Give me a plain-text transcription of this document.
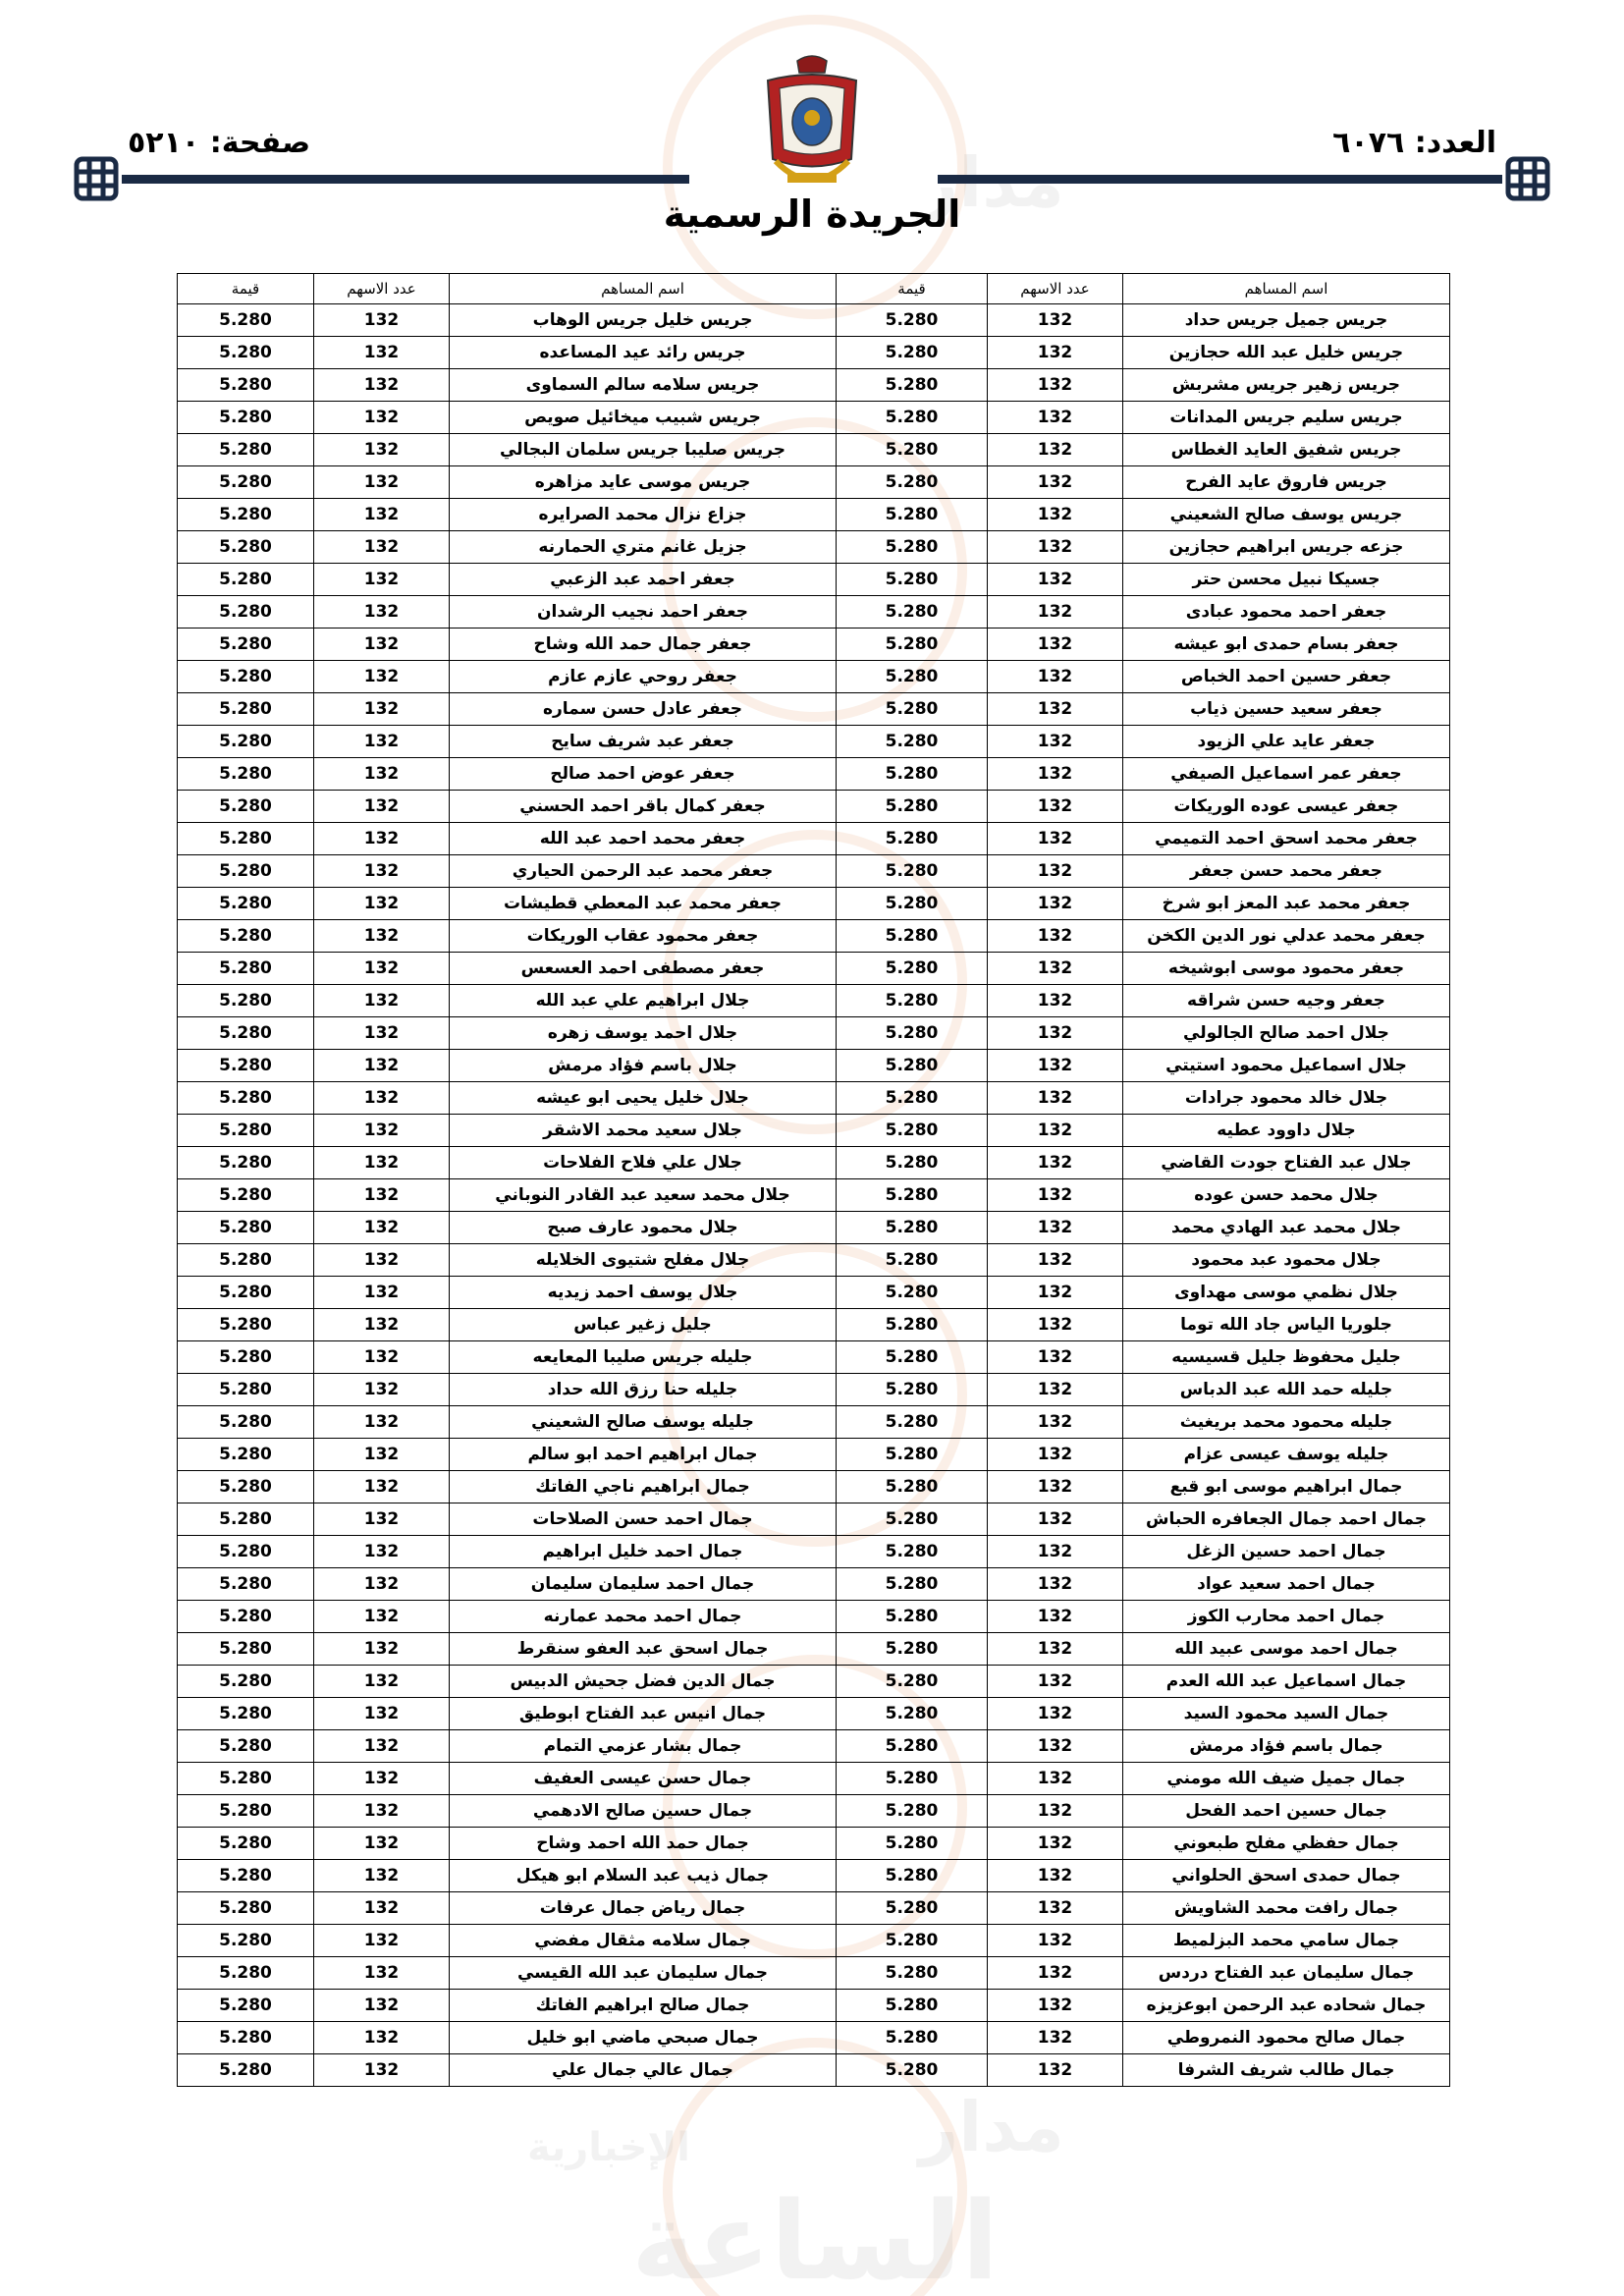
مدار
مدار
الإخبارية
الساعة
العدد: ٦٠٧٦
صفحة: ٥٢١٠
الجريدة الرسمية
اسم المساهم	عدد الاسهم	قيمة	اسم المساهم	عدد الاسهم	قيمة
جريس جميل جريس حداد	132	5.280	جريس خليل جريس الوهاب	132	5.280
جريس خليل عبد الله حجازين	132	5.280	جريس رائد عيد المساعده	132	5.280
جريس زهير جريس مشربش	132	5.280	جريس سلامه سالم السماوى	132	5.280
جريس سليم جريس المدانات	132	5.280	جريس شبيب ميخائيل صويص	132	5.280
جريس شفيق العايد الغطاس	132	5.280	جريس صليبا جريس سلمان البجالي	132	5.280
جريس فاروق عايد الفرح	132	5.280	جريس موسى عايد مزاهره	132	5.280
جريس يوسف صالح الشعيني	132	5.280	جزاع نزال محمد الصرايره	132	5.280
جزعه جريس ابراهيم حجازين	132	5.280	جزيل غانم متري الحمارنه	132	5.280
جسيكا نبيل محسن حتر	132	5.280	جعفر احمد عبد الزعبي	132	5.280
جعفر احمد محمود عبادى	132	5.280	جعفر احمد نجيب الرشدان	132	5.280
جعفر بسام حمدى ابو عيشه	132	5.280	جعفر جمال حمد الله وشاح	132	5.280
جعفر حسين احمد الخباص	132	5.280	جعفر روحي عازم عازم	132	5.280
جعفر سعيد حسين ذياب	132	5.280	جعفر عادل حسن سماره	132	5.280
جعفر عايد علي الزيود	132	5.280	جعفر عبد شريف سايح	132	5.280
جعفر عمر اسماعيل الصيفي	132	5.280	جعفر عوض احمد صالح	132	5.280
جعفر عيسى عوده الوريكات	132	5.280	جعفر كمال باقر احمد الحسني	132	5.280
جعفر محمد اسحق احمد التميمي	132	5.280	جعفر محمد احمد عبد الله	132	5.280
جعفر محمد حسن جعفر	132	5.280	جعفر محمد عبد الرحمن الحياري	132	5.280
جعفر محمد عبد المعز ابو شرخ	132	5.280	جعفر محمد عبد المعطي قطيشات	132	5.280
جعفر محمد عدلي نور الدين الكخن	132	5.280	جعفر محمود عقاب الوريكات	132	5.280
جعفر محمود موسى ابوشيخه	132	5.280	جعفر مصطفى احمد العسعس	132	5.280
جعفر وجيه حسن شراقه	132	5.280	جلال ابراهيم علي عبد الله	132	5.280
جلال احمد صالح الجالولي	132	5.280	جلال احمد يوسف زهره	132	5.280
جلال اسماعيل محمود استيتي	132	5.280	جلال باسم فؤاد مرمش	132	5.280
جلال خالد محمود جرادات	132	5.280	جلال خليل يحيى ابو عيشه	132	5.280
جلال داوود عطيه	132	5.280	جلال سعيد محمد الاشقر	132	5.280
جلال عبد الفتاح جودت القاضي	132	5.280	جلال علي فلاح الفلاحات	132	5.280
جلال محمد حسن عوده	132	5.280	جلال محمد سعيد عبد القادر النوباني	132	5.280
جلال محمد عبد الهادي محمد	132	5.280	جلال محمود عارف صبح	132	5.280
جلال محمود عبد محمود	132	5.280	جلال مفلح شتيوى الخلايله	132	5.280
جلال نظمي موسى مهداوى	132	5.280	جلال يوسف احمد زيديه	132	5.280
جلوريا الياس جاد الله توما	132	5.280	جليل زغير عباس	132	5.280
جليل محفوظ جليل قسيسيه	132	5.280	جليله جريس صليبا المعايعه	132	5.280
جليله حمد الله عبد الدباس	132	5.280	جليله حنا رزق الله حداد	132	5.280
جليله محمود محمد بريغيث	132	5.280	جليله يوسف صالح الشعيني	132	5.280
جليله يوسف عيسى عزام	132	5.280	جمال ابراهيم احمد ابو سالم	132	5.280
جمال ابراهيم موسى ابو قبع	132	5.280	جمال ابراهيم ناجي الفاتك	132	5.280
جمال احمد جمال الجعافره الحباش	132	5.280	جمال احمد حسن الصلاحات	132	5.280
جمال احمد حسين الزغل	132	5.280	جمال احمد خليل ابراهيم	132	5.280
جمال احمد سعيد عواد	132	5.280	جمال احمد سليمان سليمان	132	5.280
جمال احمد محارب الكوز	132	5.280	جمال احمد محمد عمارنه	132	5.280
جمال احمد موسى عبيد الله	132	5.280	جمال اسحق عبد العفو سنقرط	132	5.280
جمال اسماعيل عبد الله العدم	132	5.280	جمال الدين فضل جحيش الدبيس	132	5.280
جمال السيد محمود السيد	132	5.280	جمال انيس عبد الفتاح ابوطيق	132	5.280
جمال باسم فؤاد مرمش	132	5.280	جمال بشار عزمي التمام	132	5.280
جمال جميل ضيف الله مومني	132	5.280	جمال حسن عيسى العفيف	132	5.280
جمال حسين احمد الفحل	132	5.280	جمال حسين صالح الادهمي	132	5.280
جمال حفظي مفلح طبعوني	132	5.280	جمال حمد الله احمد وشاح	132	5.280
جمال حمدى اسحق الحلواني	132	5.280	جمال ذيب عبد السلام ابو هيكل	132	5.280
جمال رافت محمد الشاويش	132	5.280	جمال رياض جمال عرفات	132	5.280
جمال سامي محمد البزلميط	132	5.280	جمال سلامه مثقال مفضي	132	5.280
جمال سليمان عبد الفتاح دردس	132	5.280	جمال سليمان عبد الله القيسي	132	5.280
جمال شحاده عبد الرحمن ابوعزيزه	132	5.280	جمال صالح ابراهيم الفاتك	132	5.280
جمال صالح محمود النمروطي	132	5.280	جمال صبحي ماضي ابو خليل	132	5.280
جمال طالب شريف الشرفا	132	5.280	جمال عالي جمال علي	132	5.280
